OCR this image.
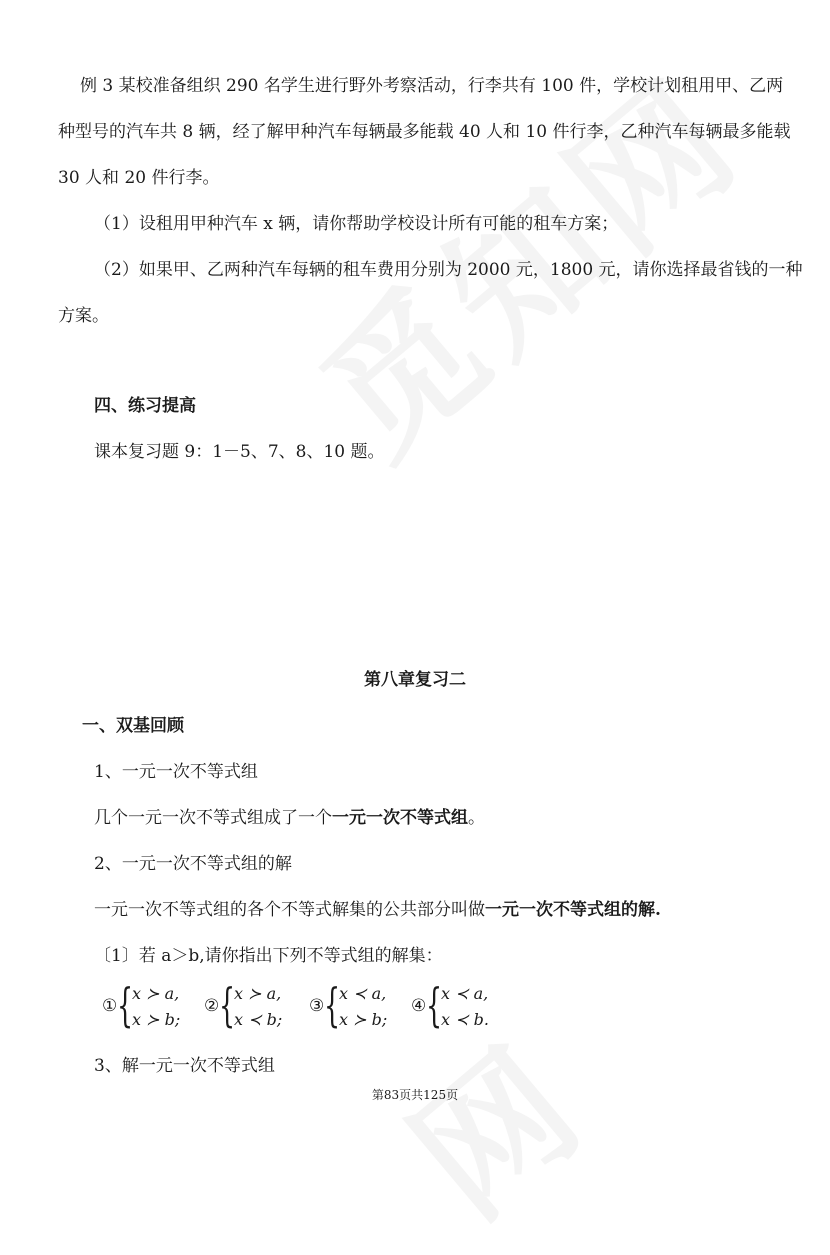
例 3 某校准备组织 290 名学生进行野外考察活动，行李共有 100 件，学校计划租用甲、乙两
种型号的汽车共 8 辆，经了解甲种汽车每辆最多能载 40 人和 10 件行李，乙种汽车每辆最多能载
30 人和 20 件行李。
（1）设租用甲种汽车 x 辆，请你帮助学校设计所有可能的租车方案；
（2）如果甲、乙两种汽车每辆的租车费用分别为 2000 元，1800 元，请你选择最省钱的一种
方案。
四、练习提高
课本复习题 9：1－5、7、8、10 题。
第八章复习二
一、双基回顾
1、一元一次不等式组
几个一元一次不等式组成了一个一元一次不等式组。
2、一元一次不等式组的解
一元一次不等式组的各个不等式解集的公共部分叫做一元一次不等式组的解.
〔1〕若 a＞b,请你指出下列不等式组的解集：
① {
x ≻ a,
x ≻ b;
② {
x ≻ a,
x ≺ b;
③ {
x ≺ a,
x ≻ b;
④ {
x ≺ a,
x ≺ b.
3、解一元一次不等式组
第83页共125页
